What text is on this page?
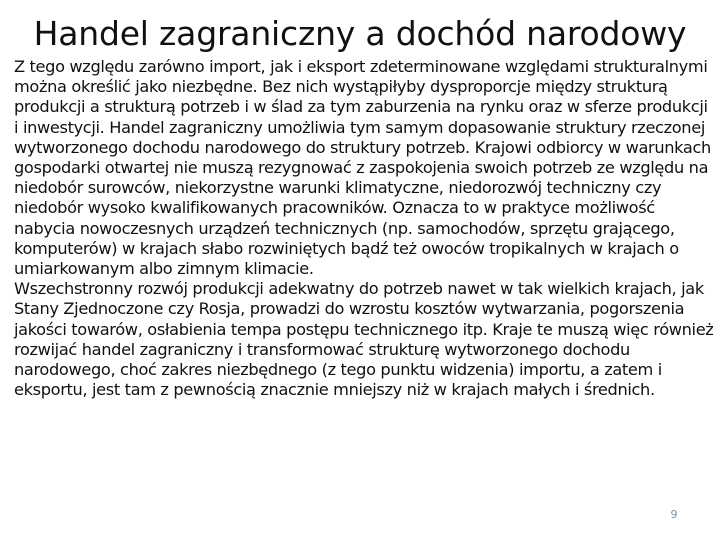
Handel zagraniczny a dochód narodowy

Z tego względu zarówno import, jak i eksport zdeterminowane względami strukturalnymi można określić jako niezbędne. Bez nich wystąpiłyby dysproporcje między strukturą produkcji a strukturą potrzeb i w ślad za tym zaburzenia na rynku oraz w sferze produkcji i inwestycji. Handel zagraniczny umożliwia tym samym dopasowanie struktury rzeczonej wytworzonego dochodu narodowego do struktury potrzeb. Krajowi odbiorcy w warunkach gospodarki otwartej nie muszą rezygnować z zaspokojenia swoich potrzeb ze względu na niedobór surowców, niekorzystne warunki klimatyczne, niedorozwój techniczny czy niedobór wysoko kwalifikowanych pracowników. Oznacza to w praktyce możliwość nabycia nowoczesnych urządzeń technicznych (np. samochodów, sprzętu grającego, komputerów) w krajach słabo rozwiniętych bądź też owoców tropikalnych w krajach o umiarkowanym albo zimnym klimacie.

Wszechstronny rozwój produkcji adekwatny do potrzeb nawet w tak wielkich krajach, jak Stany Zjednoczone czy Rosja, prowadzi do wzrostu kosztów wytwarzania, pogorszenia jakości towarów, osłabienia tempa postępu technicznego itp. Kraje te muszą więc również rozwijać handel zagraniczny i transformować strukturę wytworzonego dochodu narodowego, choć zakres niezbędnego (z tego punktu widzenia) importu, a zatem i eksportu, jest tam z pewnością znacznie mniejszy niż w krajach małych i średnich.

9
